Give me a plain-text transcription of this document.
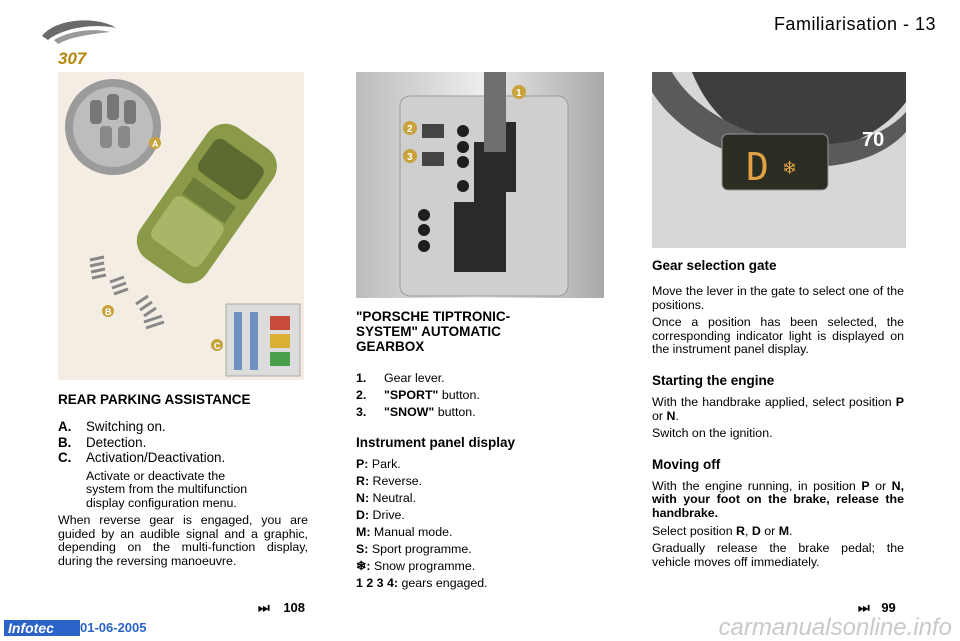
307
Familiarisation - 13
A
B
C
1
2
3	D ❄
70
REAR PARKING ASSISTANCE
A.	Switching on.
B.	Detection.
C.	Activation/Deactivation.
Activate or deactivate the system from the multifunction display configuration menu.
When reverse gear is engaged, you are guided by an audible signal and a graphic, depending on the multi-function display, during the reversing manoeuvre.
"PORSCHE TIPTRONIC-SYSTEM" AUTOMATIC GEARBOX
1.	Gear lever.
2.	"SPORT" button.
3.	"SNOW" button.
Instrument panel display
P: Park.
R: Reverse.
N: Neutral.
D: Drive.
M: Manual mode.
S: Sport programme.
❄: Snow programme.
1 2 3 4: gears engaged.
Gear selection gate

Move the lever in the gate to select one of the positions.

Once a position has been selected, the corresponding indicator light is displayed on the instrument panel display.

Starting the engine

With the handbrake applied, select position P or N.

Switch on the ignition.

Moving off

With the engine running, in position P or N, with your foot on the brake, release the handbrake.

Select position R, D or M.

Gradually release the brake pedal; the vehicle moves off immediately.

⏭ 108	⏭ 99
Infotec	01-06-2005	carmanualsonline.info
